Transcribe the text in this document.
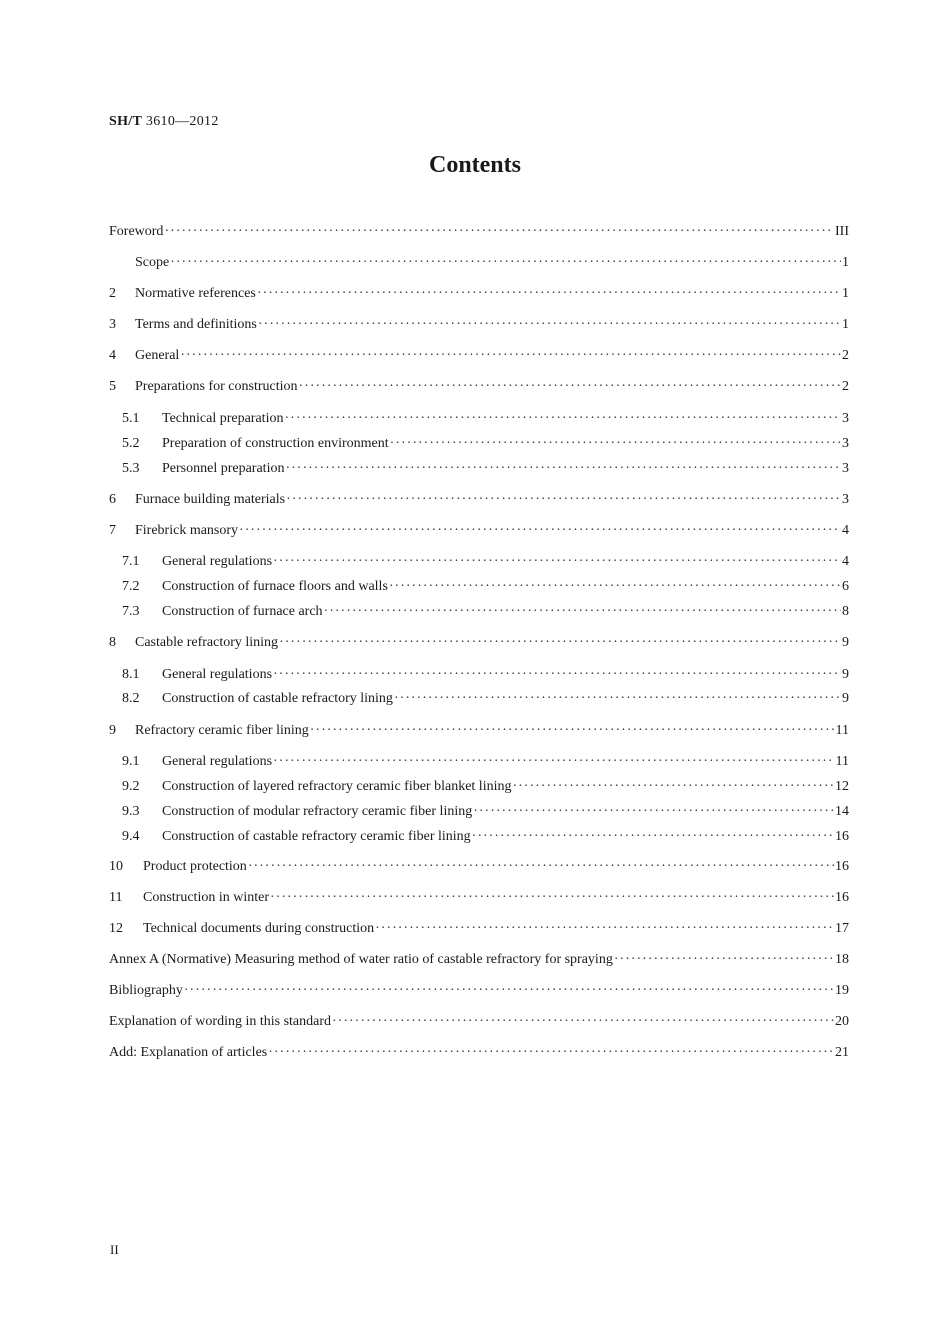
SH/T 3610—2012
Contents
Foreword ·····	III
Scope ·····	1
2	Normative references ·····	1
3	Terms and definitions ·····	1
4	General ·····	2
5	Preparations for construction ·····	2
5.1	Technical preparation ·····	3
5.2	Preparation of construction environment ·····	3
5.3	Personnel preparation ·····	3
6	Furnace building materials ·····	3
7	Firebrick mansory ·····	4
7.1	General regulations ·····	4
7.2	Construction of furnace floors and walls ·····	6
7.3	Construction of furnace arch ·····	8
8	Castable refractory lining ·····	9
8.1	General regulations ·····	9
8.2	Construction of castable refractory lining ·····	9
9	Refractory ceramic fiber lining ·····	11
9.1	General regulations ·····	11
9.2	Construction of layered refractory ceramic fiber blanket lining ·····	12
9.3	Construction of modular refractory ceramic fiber lining ·····	14
9.4	Construction of castable refractory ceramic fiber lining ·····	16
10	Product protection ·····	16
11	Construction in winter ·····	16
12	Technical documents during construction ·····	17
Annex A (Normative) Measuring method of water ratio of castable refractory for spraying ·····	18
Bibliography ·····	19
Explanation of wording in this standard ·····	20
Add: Explanation of articles ·····	21
II
